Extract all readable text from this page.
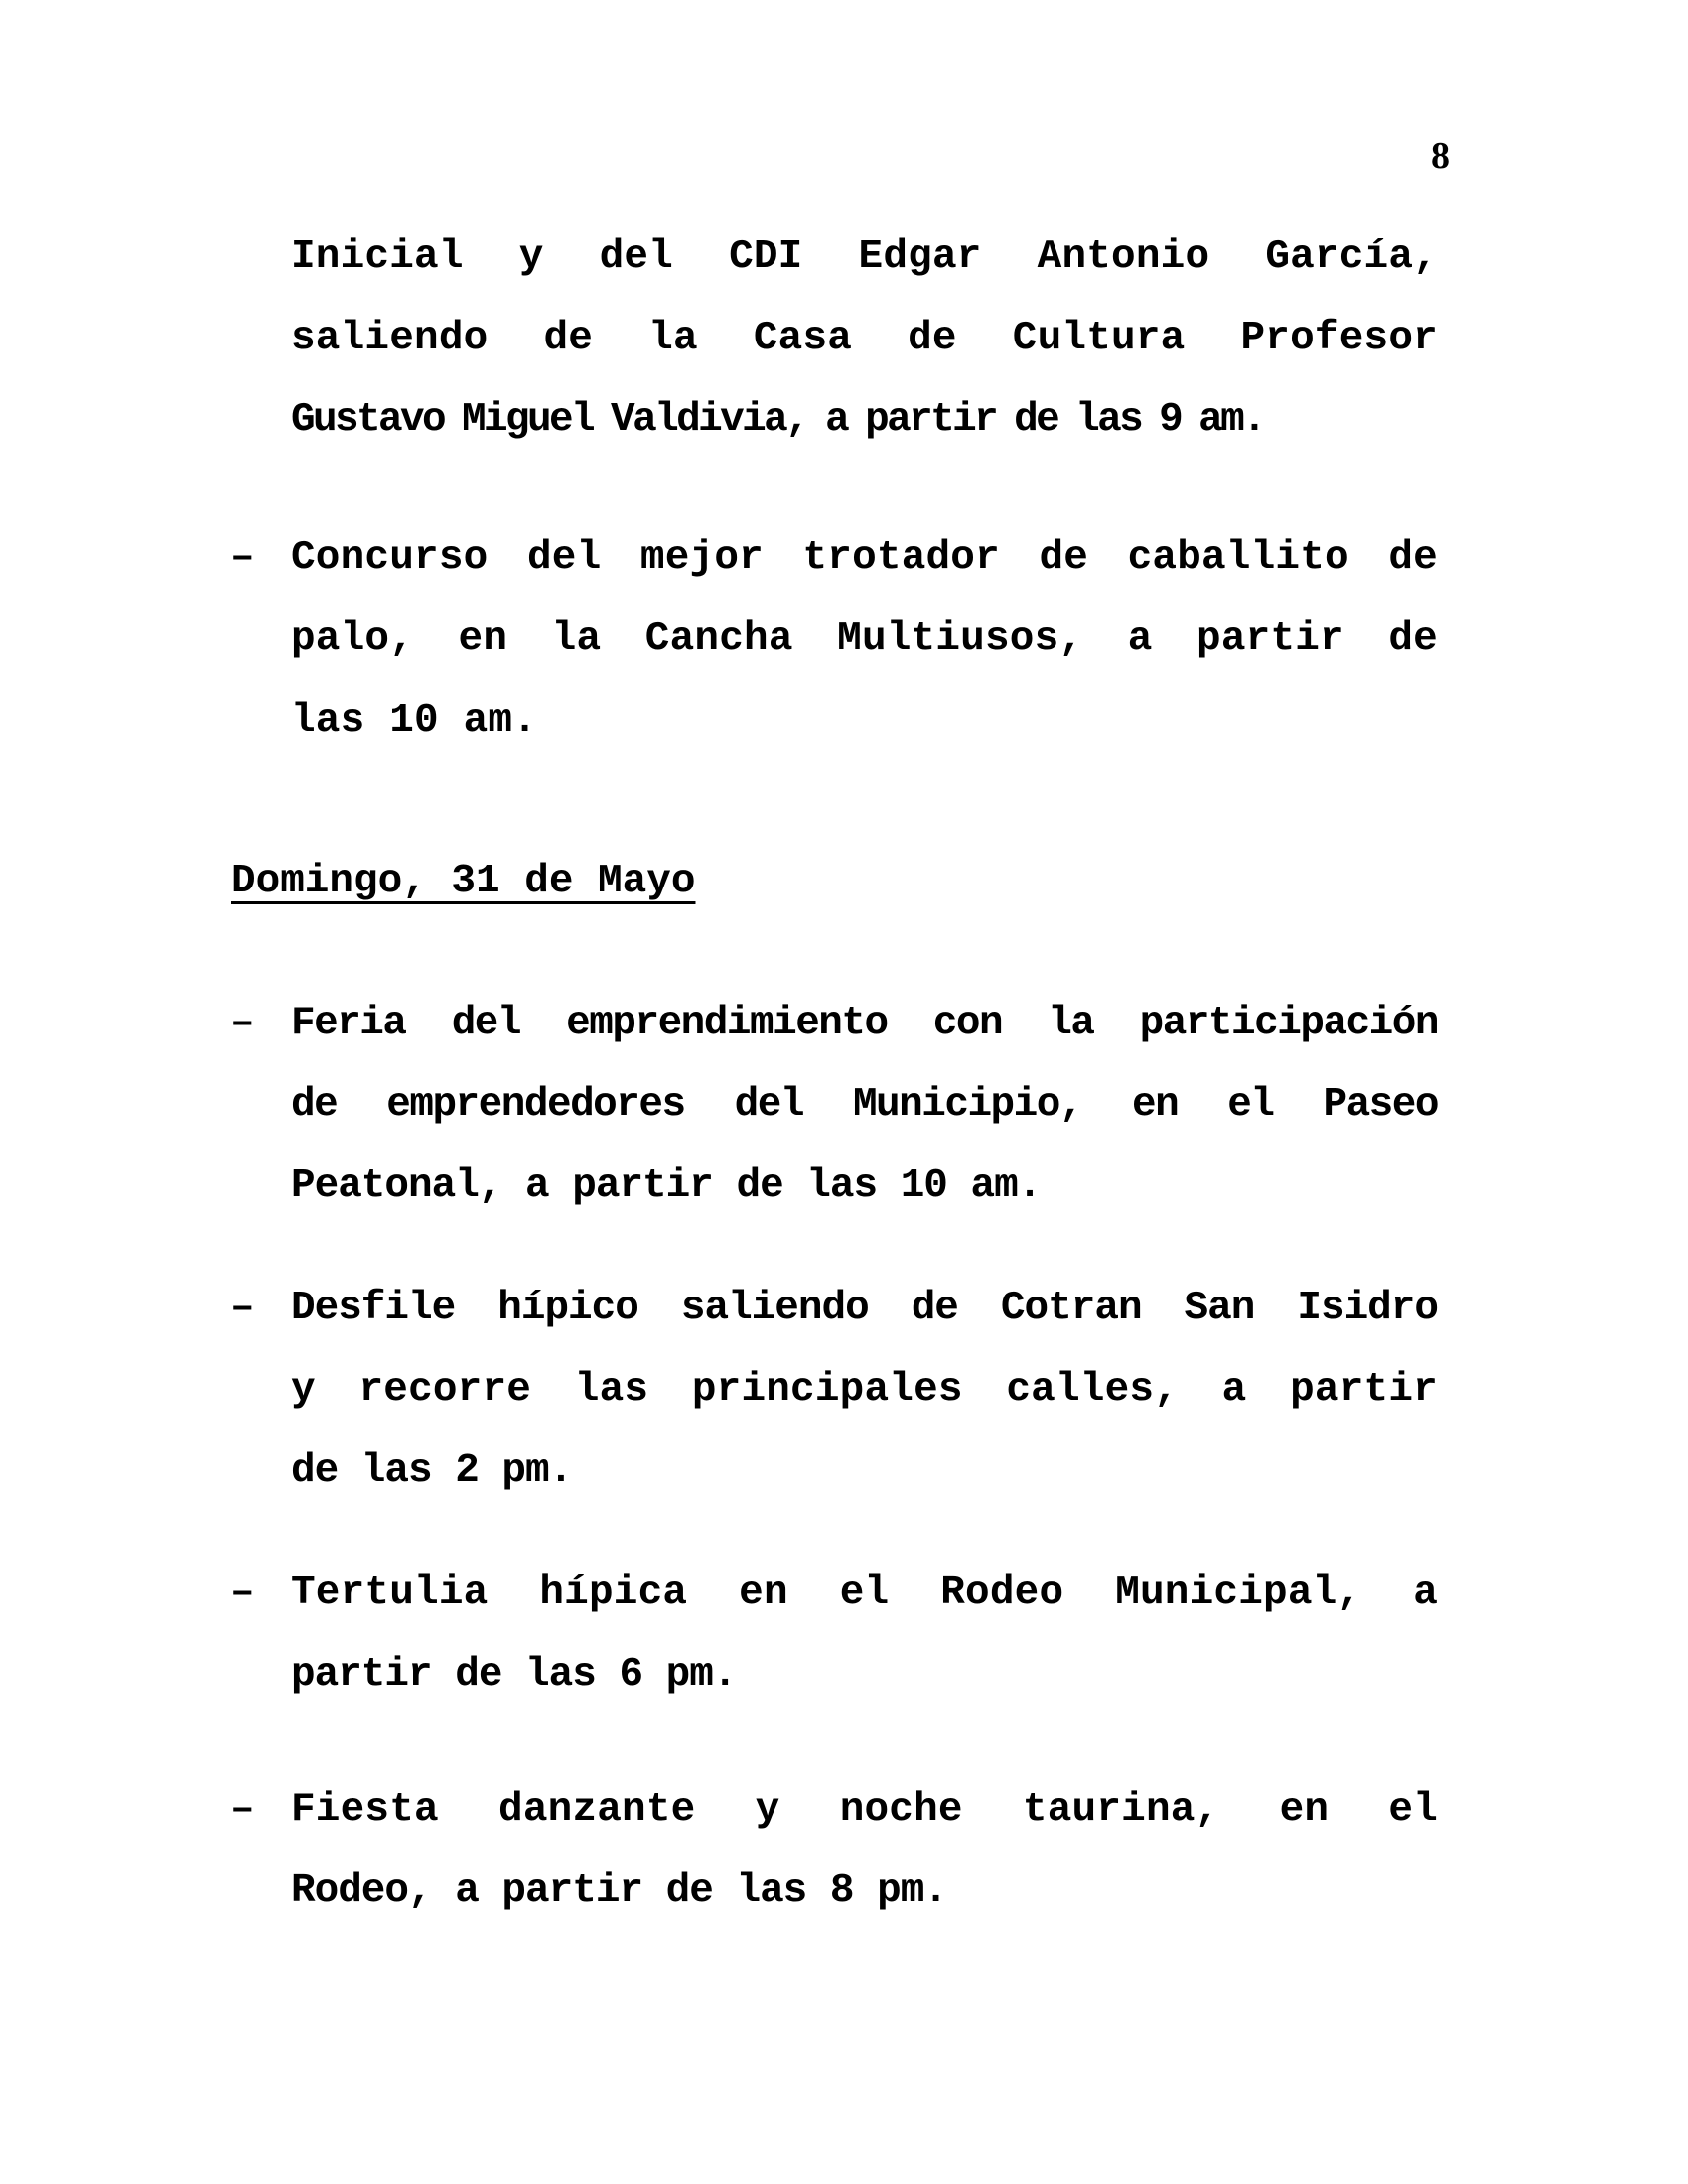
8
Inicial y del CDI Edgar Antonio García,
saliendo de la Casa de Cultura Profesor
Gustavo Miguel Valdivia, a partir de las 9 am.
– Concurso del mejor trotador de caballito de
palo, en la Cancha Multiusos, a partir de
las 10 am.
Domingo, 31 de Mayo
– Feria del emprendimiento con la participación
de emprendedores del Municipio, en el Paseo
Peatonal, a partir de las 10 am.
– Desfile hípico saliendo de Cotran San Isidro
y recorre las principales calles, a partir
de las 2 pm.
– Tertulia hípica en el Rodeo Municipal, a
partir de las 6 pm.
– Fiesta danzante y noche taurina, en el
Rodeo, a partir de las 8 pm.
